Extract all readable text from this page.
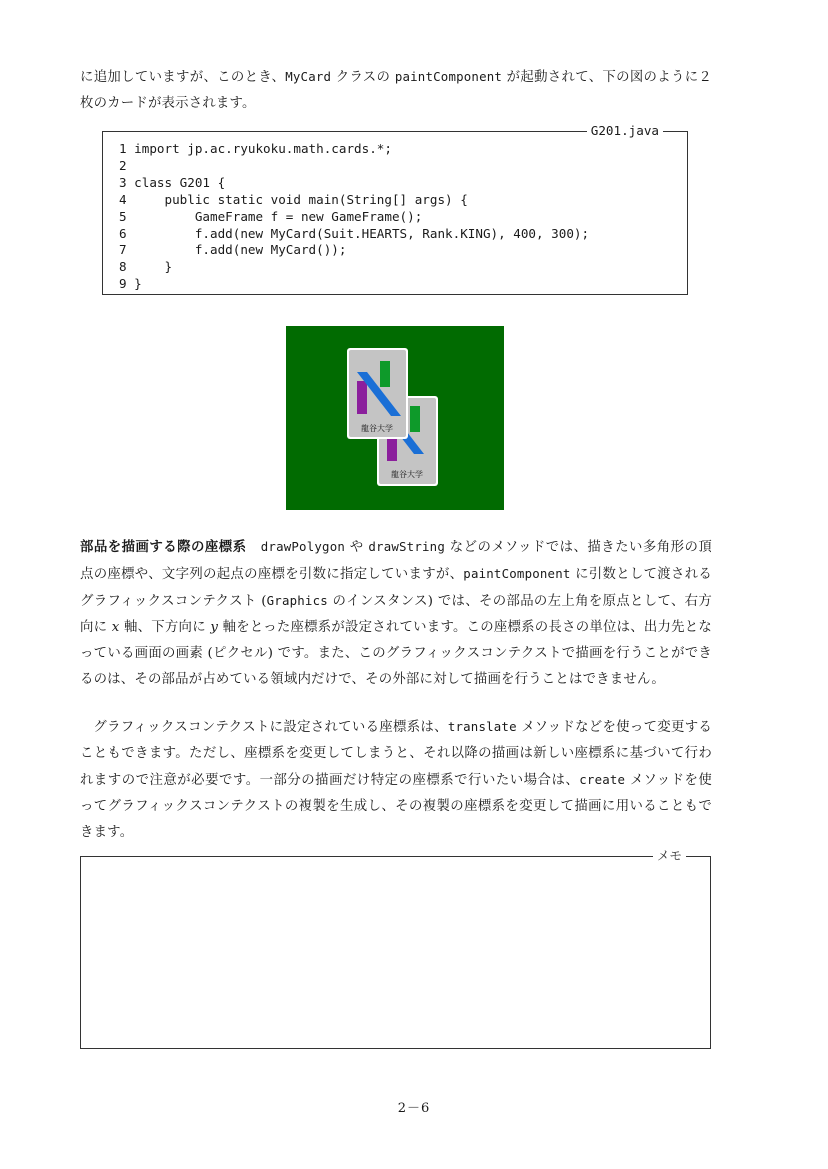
に追加していますが、このとき、MyCard クラスの paintComponent が起動されて、下の図のように２枚のカードが表示されます。
G201.java
1 import jp.ac.ryukoku.math.cards.*;
2
3 class G201 {
4     public static void main(String[] args) {
5         GameFrame f = new GameFrame();
6         f.add(new MyCard(Suit.HEARTS, Rank.KING), 400, 300);
7         f.add(new MyCard());
8     }
9 }
龍谷大学
龍谷大学
部品を描画する際の座標系 drawPolygon や drawString などのメソッドでは、描きたい多角形の頂点の座標や、文字列の起点の座標を引数に指定していますが、paintComponent に引数として渡されるグラフィックスコンテクスト (Graphics のインスタンス) では、その部品の左上角を原点として、右方向に x 軸、下方向に y 軸をとった座標系が設定されています。この座標系の長さの単位は、出力先となっている画面の画素 (ピクセル) です。また、このグラフィックスコンテクストで描画を行うことができるのは、その部品が占めている領域内だけで、その外部に対して描画を行うことはできません。
グラフィックスコンテクストに設定されている座標系は、translate メソッドなどを使って変更することもできます。ただし、座標系を変更してしまうと、それ以降の描画は新しい座標系に基づいて行われますので注意が必要です。一部分の描画だけ特定の座標系で行いたい場合は、create メソッドを使ってグラフィックスコンテクストの複製を生成し、その複製の座標系を変更して描画に用いることもできます。
メモ
2－6
